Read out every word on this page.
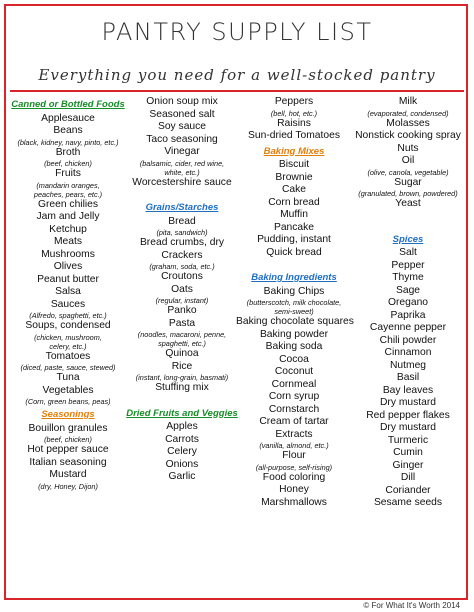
PANTRY SUPPLY LIST
Everything you need for a well-stocked pantry
Canned or Bottled Foods
Applesauce
Beans
(black, kidney, navy, pinto, etc.)
Broth
(beef, chicken)
Fruits
(mandarin oranges,
peaches, pears, etc.)
Green chilies
Jam and Jelly
Ketchup
Meats
Mushrooms
Olives
Peanut butter
Salsa
Sauces
(Alfredo, spaghetti, etc.)
Soups, condensed
(chicken, mushroom,
celery, etc.)
Tomatoes
(diced, paste, sauce, stewed)
Tuna
Vegetables
(Corn, green beans, peas)
Seasonings
Bouillon granules
(beef, chicken)
Hot pepper sauce
Italian seasoning
Mustard
(dry, Honey, Dijon)
Onion soup mix
Seasoned salt
Soy sauce
Taco seasoning
Vinegar
(balsamic, cider, red wine,
white, etc.)
Worcestershire sauce
Grains/Starches
Bread
(pita, sandwich)
Bread crumbs, dry
Crackers
(graham, soda, etc.)
Croutons
Oats
(regular, instant)
Panko
Pasta
(noodles, macaroni, penne,
spaghetti, etc.)
Quinoa
Rice
(instant, long-grain, basmati)
Stuffing mix
Dried Fruits and Veggies
Apples
Carrots
Celery
Onions
Garlic
Peppers
(bell, hot, etc.)
Raisins
Sun-dried Tomatoes
Baking Mixes
Biscuit
Brownie
Cake
Corn bread
Muffin
Pancake
Pudding, instant
Quick bread
Baking Ingredients
Baking Chips
(butterscotch, milk chocolate,
semi-sweet)
Baking chocolate squares
Baking powder
Baking soda
Cocoa
Coconut
Cornmeal
Corn syrup
Cornstarch
Cream of tartar
Extracts
(vanilla, almond, etc.)
Flour
(all-purpose, self-rising)
Food coloring
Honey
Marshmallows
Milk
(evaporated, condensed)
Molasses
Nonstick cooking spray
Nuts
Oil
(olive, canola, vegetable)
Sugar
(granulated, brown, powdered)
Yeast
Spices
Salt
Pepper
Thyme
Sage
Oregano
Paprika
Cayenne pepper
Chili powder
Cinnamon
Nutmeg
Basil
Bay leaves
Dry mustard
Red pepper flakes
Dry mustard
Turmeric
Cumin
Ginger
Dill
Coriander
Sesame seeds
© For What It's Worth 2014
